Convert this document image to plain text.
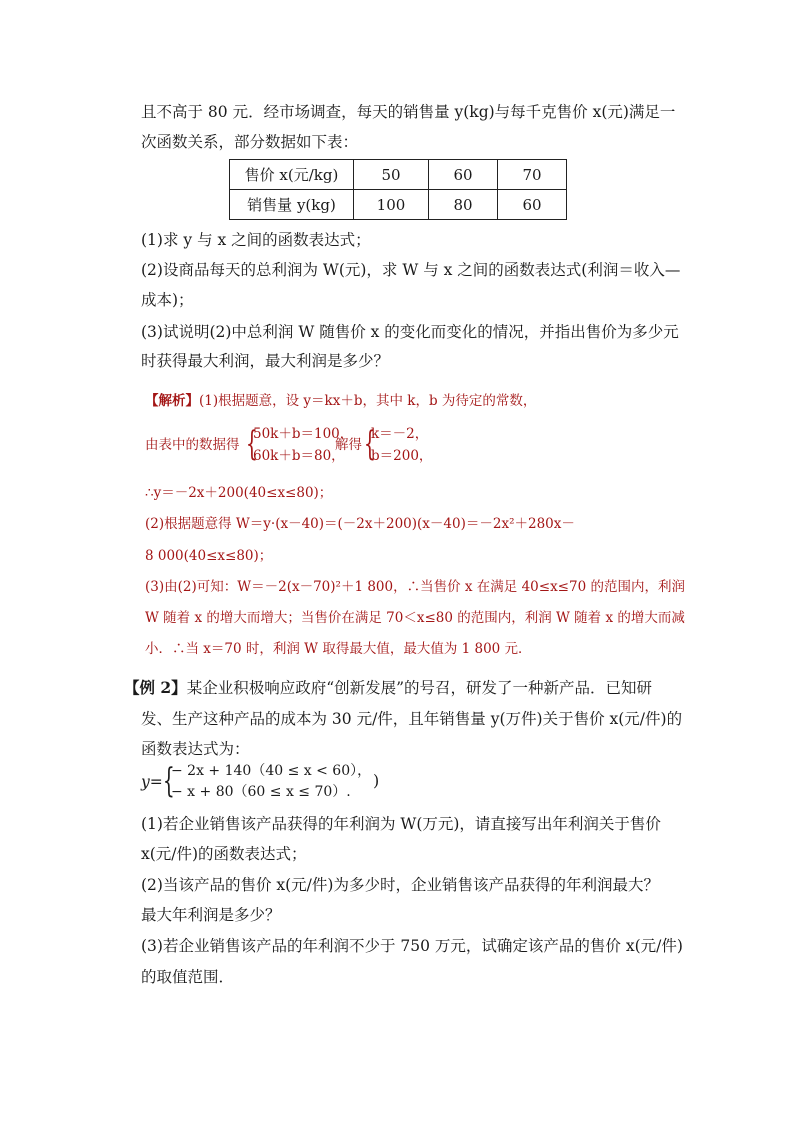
且不高于 80 元．经市场调查，每天的销售量 y(kg)与每千克售价 x(元)满足一
次函数关系，部分数据如下表：
售价 x(元/kg)	50	60	70
销售量 y(kg)	100	80	60
(1)求 y 与 x 之间的函数表达式；
(2)设商品每天的总利润为 W(元)，求 W 与 x 之间的函数表达式(利润＝收入—
成本)；
(3)试说明(2)中总利润 W 随售价 x 的变化而变化的情况，并指出售价为多少元
时获得最大利润，最大利润是多少？
【解析】(1)根据题意，设 y＝kx＋b，其中 k，b 为待定的常数，
由表中的数据得 {
50k＋b＝100，
60k＋b＝80，
解得 {
k＝－2，
b＝200，
∴y＝－2x＋200(40≤x≤80)；
(2)根据题意得 W＝y·(x－40)＝(－2x＋200)(x－40)＝－2x²＋280x－
8 000(40≤x≤80)；
(3)由(2)可知：W＝－2(x－70)²＋1 800，∴当售价 x 在满足 40≤x≤70 的范围内，利润
W 随着 x 的增大而增大；当售价在满足 70＜x≤80 的范围内，利润 W 随着 x 的增大而减
小．∴当 x＝70 时，利润 W 取得最大值，最大值为 1 800 元．
【例 2】某企业积极响应政府“创新发展”的号召，研发了一种新产品．已知研
发、生产这种产品的成本为 30 元/件，且年销售量 y(万件)关于售价 x(元/件)的
函数表达式为：
y= {
− 2x + 140（40 ≤ x < 60），
− x + 80（60 ≤ x ≤ 70）.
)
(1)若企业销售该产品获得的年利润为 W(万元)，请直接写出年利润关于售价
x(元/件)的函数表达式；
(2)当该产品的售价 x(元/件)为多少时，企业销售该产品获得的年利润最大？
最大年利润是多少？
(3)若企业销售该产品的年利润不少于 750 万元，试确定该产品的售价 x(元/件)
的取值范围．
